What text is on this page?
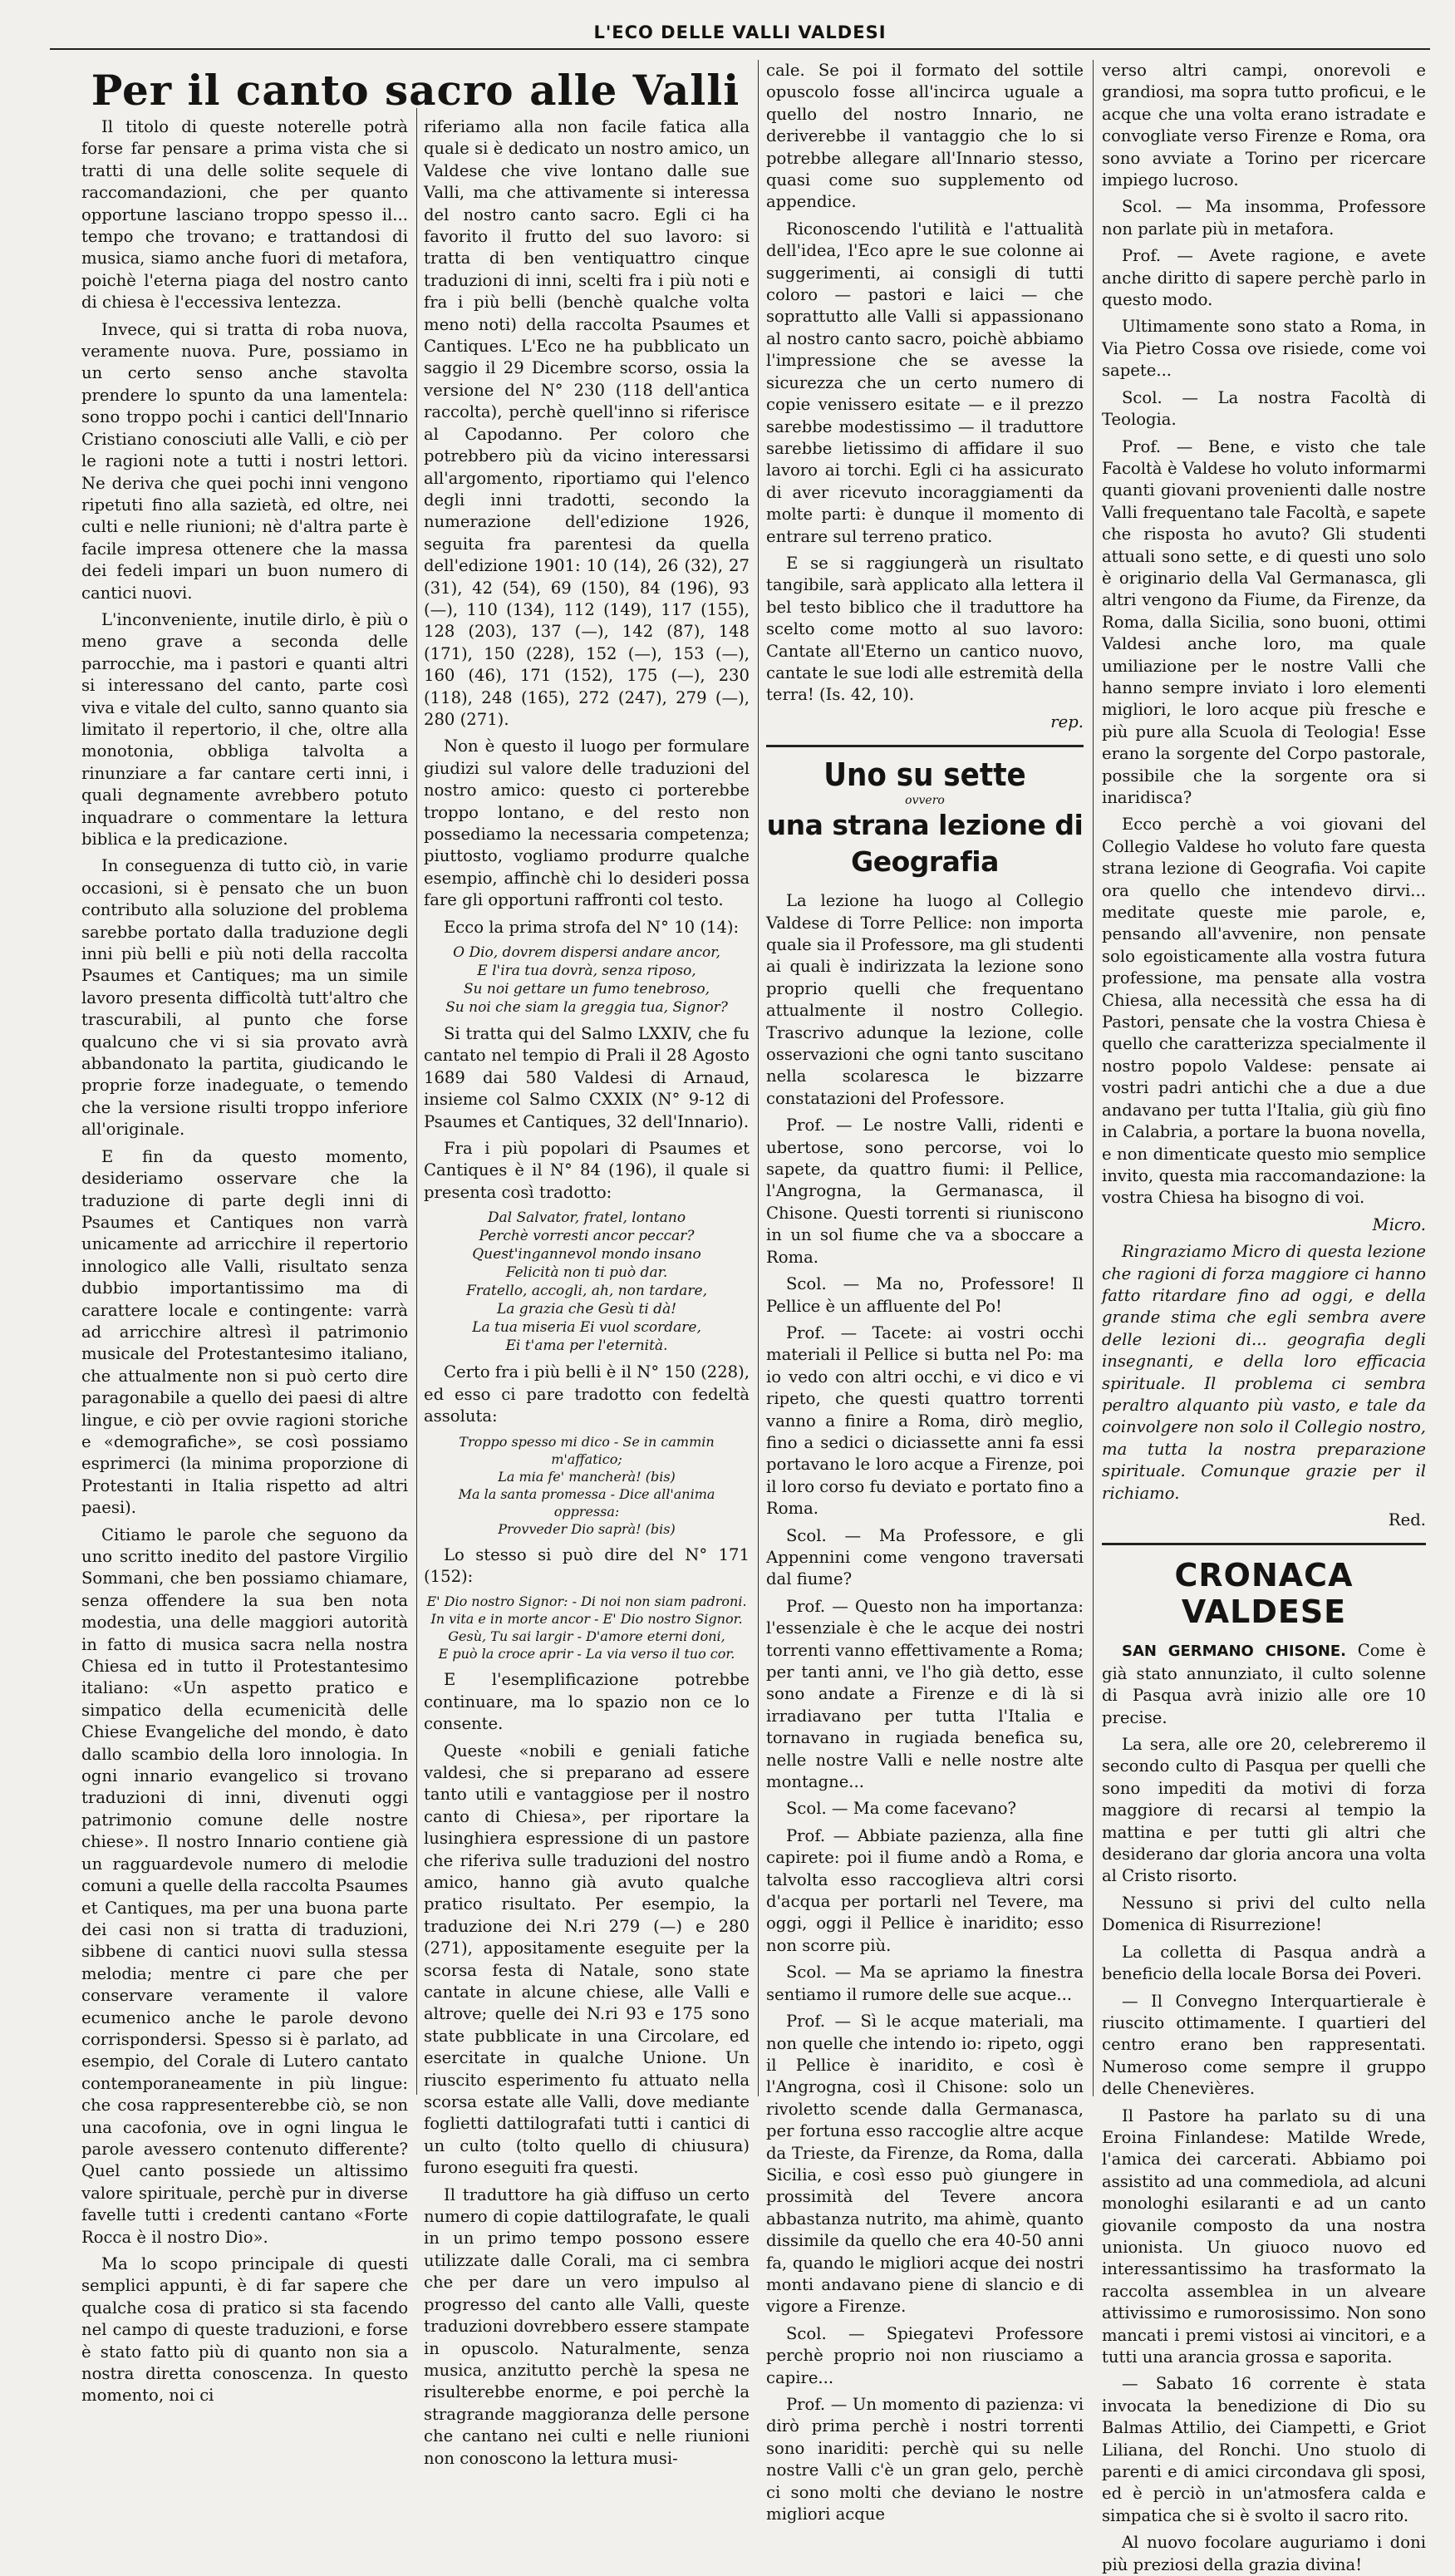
L'ECO DELLE VALLI VALDESI
Per il canto sacro alle Valli

Il titolo di queste noterelle potrà forse far pensare a prima vista che si tratti di una delle solite sequele di raccomandazioni, che per quanto opportune lasciano troppo spesso il... tempo che trovano; e trattandosi di musica, siamo anche fuori di metafora, poichè l'eterna piaga del nostro canto di chiesa è l'eccessiva lentezza.

Invece, qui si tratta di roba nuova, veramente nuova. Pure, possiamo in un certo senso anche stavolta prendere lo spunto da una lamentela: sono troppo pochi i cantici dell'Innario Cristiano conosciuti alle Valli, e ciò per le ragioni note a tutti i nostri lettori. Ne deriva che quei pochi inni vengono ripetuti fino alla sazietà, ed oltre, nei culti e nelle riunioni; nè d'altra parte è facile impresa ottenere che la massa dei fedeli impari un buon numero di cantici nuovi.

L'inconveniente, inutile dirlo, è più o meno grave a seconda delle parrocchie, ma i pastori e quanti altri si interessano del canto, parte così viva e vitale del culto, sanno quanto sia limitato il repertorio, il che, oltre alla monotonia, obbliga talvolta a rinunziare a far cantare certi inni, i quali degnamente avrebbero potuto inquadrare o commentare la lettura biblica e la predicazione.

In conseguenza di tutto ciò, in varie occasioni, si è pensato che un buon contributo alla soluzione del problema sarebbe portato dalla traduzione degli inni più belli e più noti della raccolta Psaumes et Cantiques; ma un simile lavoro presenta difficoltà tutt'altro che trascurabili, al punto che forse qualcuno che vi si sia provato avrà abbandonato la partita, giudicando le proprie forze inadeguate, o temendo che la versione risulti troppo inferiore all'originale.

E fin da questo momento, desideriamo osservare che la traduzione di parte degli inni di Psaumes et Cantiques non varrà unicamente ad arricchire il repertorio innologico alle Valli, risultato senza dubbio importantissimo ma di carattere locale e contingente: varrà ad arricchire altresì il patrimonio musicale del Protestantesimo italiano, che attualmente non si può certo dire paragonabile a quello dei paesi di altre lingue, e ciò per ovvie ragioni storiche e «demografiche», se così possiamo esprimerci (la minima proporzione di Protestanti in Italia rispetto ad altri paesi).

Citiamo le parole che seguono da uno scritto inedito del pastore Virgilio Sommani, che ben possiamo chiamare, senza offendere la sua ben nota modestia, una delle maggiori autorità in fatto di musica sacra nella nostra Chiesa ed in tutto il Protestantesimo italiano: «Un aspetto pratico e simpatico della ecumenicità delle Chiese Evangeliche del mondo, è dato dallo scambio della loro innologia. In ogni innario evangelico si trovano traduzioni di inni, divenuti oggi patrimonio comune delle nostre chiese». Il nostro Innario contiene già un ragguardevole numero di melodie comuni a quelle della raccolta Psaumes et Cantiques, ma per una buona parte dei casi non si tratta di traduzioni, sibbene di cantici nuovi sulla stessa melodia; mentre ci pare che per conservare veramente il valore ecumenico anche le parole devono corrispondersi. Spesso si è parlato, ad esempio, del Corale di Lutero cantato contemporaneamente in più lingue: che cosa rappresenterebbe ciò, se non una cacofonia, ove in ogni lingua le parole avessero contenuto differente? Quel canto possiede un altissimo valore spirituale, perchè pur in diverse favelle tutti i credenti cantano «Forte Rocca è il nostro Dio».

Ma lo scopo principale di questi semplici appunti, è di far sapere che qualche cosa di pratico si sta facendo nel campo di queste traduzioni, e forse è stato fatto più di quanto non sia a nostra diretta conoscenza. In questo momento, noi ci

riferiamo alla non facile fatica alla quale si è dedicato un nostro amico, un Valdese che vive lontano dalle sue Valli, ma che attivamente si interessa del nostro canto sacro. Egli ci ha favorito il frutto del suo lavoro: si tratta di ben ventiquattro cinque traduzioni di inni, scelti fra i più noti e fra i più belli (benchè qualche volta meno noti) della raccolta Psaumes et Cantiques. L'Eco ne ha pubblicato un saggio il 29 Dicembre scorso, ossia la versione del N° 230 (118 dell'antica raccolta), perchè quell'inno si riferisce al Capodanno. Per coloro che potrebbero più da vicino interessarsi all'argomento, riportiamo qui l'elenco degli inni tradotti, secondo la numerazione dell'edizione 1926, seguita fra parentesi da quella dell'edizione 1901: 10 (14), 26 (32), 27 (31), 42 (54), 69 (150), 84 (196), 93 (—), 110 (134), 112 (149), 117 (155), 128 (203), 137 (—), 142 (87), 148 (171), 150 (228), 152 (—), 153 (—), 160 (46), 171 (152), 175 (—), 230 (118), 248 (165), 272 (247), 279 (—), 280 (271).

Non è questo il luogo per formulare giudizi sul valore delle traduzioni del nostro amico: questo ci porterebbe troppo lontano, e del resto non possediamo la necessaria competenza; piuttosto, vogliamo produrre qualche esempio, affinchè chi lo desideri possa fare gli opportuni raffronti col testo.

Ecco la prima strofa del N° 10 (14):

O Dio, dovrem dispersi andare ancor,
E l'ira tua dovrà, senza riposo,
Su noi gettare un fumo tenebroso,
Su noi che siam la greggia tua, Signor?

Si tratta qui del Salmo LXXIV, che fu cantato nel tempio di Prali il 28 Agosto 1689 dai 580 Valdesi di Arnaud, insieme col Salmo CXXIX (N° 9-12 di Psaumes et Cantiques, 32 dell'Innario).

Fra i più popolari di Psaumes et Cantiques è il N° 84 (196), il quale si presenta così tradotto:

Dal Salvator, fratel, lontano
Perchè vorresti ancor peccar?
Quest'ingannevol mondo insano
Felicità non ti può dar.
Fratello, accogli, ah, non tardare,
La grazia che Gesù ti dà!
La tua miseria Ei vuol scordare,
Ei t'ama per l'eternità.

Certo fra i più belli è il N° 150 (228), ed esso ci pare tradotto con fedeltà assoluta:

Troppo spesso mi dico - Se in cammin m'affatico;
La mia fe' mancherà! (bis)
Ma la santa promessa - Dice all'anima oppressa:
Provveder Dio saprà! (bis)

Lo stesso si può dire del N° 171 (152):

E' Dio nostro Signor: - Di noi non siam padroni.
In vita e in morte ancor - E' Dio nostro Signor.
Gesù, Tu sai largir - D'amore eterni doni,
E può la croce aprir - La via verso il tuo cor.

E l'esemplificazione potrebbe continuare, ma lo spazio non ce lo consente.

Queste «nobili e geniali fatiche valdesi, che si preparano ad essere tanto utili e vantaggiose per il nostro canto di Chiesa», per riportare la lusinghiera espressione di un pastore che riferiva sulle traduzioni del nostro amico, hanno già avuto qualche pratico risultato. Per esempio, la traduzione dei N.ri 279 (—) e 280 (271), appositamente eseguite per la scorsa festa di Natale, sono state cantate in alcune chiese, alle Valli e altrove; quelle dei N.ri 93 e 175 sono state pubblicate in una Circolare, ed esercitate in qualche Unione. Un riuscito esperimento fu attuato nella scorsa estate alle Valli, dove mediante foglietti dattilografati tutti i cantici di un culto (tolto quello di chiusura) furono eseguiti fra questi.

Il traduttore ha già diffuso un certo numero di copie dattilografate, le quali in un primo tempo possono essere utilizzate dalle Corali, ma ci sembra che per dare un vero impulso al progresso del canto alle Valli, queste traduzioni dovrebbero essere stampate in opuscolo. Naturalmente, senza musica, anzitutto perchè la spesa ne risulterebbe enorme, e poi perchè la stragrande maggioranza delle persone che cantano nei culti e nelle riunioni non conoscono la lettura musi-

cale. Se poi il formato del sottile opuscolo fosse all'incirca uguale a quello del nostro Innario, ne deriverebbe il vantaggio che lo si potrebbe allegare all'Innario stesso, quasi come suo supplemento od appendice.

Riconoscendo l'utilità e l'attualità dell'idea, l'Eco apre le sue colonne ai suggerimenti, ai consigli di tutti coloro — pastori e laici — che soprattutto alle Valli si appassionano al nostro canto sacro, poichè abbiamo l'impressione che se avesse la sicurezza che un certo numero di copie venissero esitate — e il prezzo sarebbe modestissimo — il traduttore sarebbe lietissimo di affidare il suo lavoro ai torchi. Egli ci ha assicurato di aver ricevuto incoraggiamenti da molte parti: è dunque il momento di entrare sul terreno pratico.

E se si raggiungerà un risultato tangibile, sarà applicato alla lettera il bel testo biblico che il traduttore ha scelto come motto al suo lavoro: Cantate all'Eterno un cantico nuovo, cantate le sue lodi alle estremità della terra! (Is. 42, 10).

rep.

Uno su sette
ovvero
una strana lezione di Geografia

La lezione ha luogo al Collegio Valdese di Torre Pellice: non importa quale sia il Professore, ma gli studenti ai quali è indirizzata la lezione sono proprio quelli che frequentano attualmente il nostro Collegio. Trascrivo adunque la lezione, colle osservazioni che ogni tanto suscitano nella scolaresca le bizzarre constatazioni del Professore.

Prof. — Le nostre Valli, ridenti e ubertose, sono percorse, voi lo sapete, da quattro fiumi: il Pellice, l'Angrogna, la Germanasca, il Chisone. Questi torrenti si riuniscono in un sol fiume che va a sboccare a Roma.

Scol. — Ma no, Professore! Il Pellice è un affluente del Po!

Prof. — Tacete: ai vostri occhi materiali il Pellice si butta nel Po: ma io vedo con altri occhi, e vi dico e vi ripeto, che questi quattro torrenti vanno a finire a Roma, dirò meglio, fino a sedici o diciassette anni fa essi portavano le loro acque a Firenze, poi il loro corso fu deviato e portato fino a Roma.

Scol. — Ma Professore, e gli Appennini come vengono traversati dal fiume?

Prof. — Questo non ha importanza: l'essenziale è che le acque dei nostri torrenti vanno effettivamente a Roma; per tanti anni, ve l'ho già detto, esse sono andate a Firenze e di là si irradiavano per tutta l'Italia e tornavano in rugiada benefica su, nelle nostre Valli e nelle nostre alte montagne...

Scol. — Ma come facevano?

Prof. — Abbiate pazienza, alla fine capirete: poi il fiume andò a Roma, e talvolta esso raccoglieva altri corsi d'acqua per portarli nel Tevere, ma oggi, oggi il Pellice è inaridito; esso non scorre più.

Scol. — Ma se apriamo la finestra sentiamo il rumore delle sue acque...

Prof. — Sì le acque materiali, ma non quelle che intendo io: ripeto, oggi il Pellice è inaridito, e così è l'Angrogna, così il Chisone: solo un rivoletto scende dalla Germanasca, per fortuna esso raccoglie altre acque da Trieste, da Firenze, da Roma, dalla Sicilia, e così esso può giungere in prossimità del Tevere ancora abbastanza nutrito, ma ahimè, quanto dissimile da quello che era 40-50 anni fa, quando le migliori acque dei nostri monti andavano piene di slancio e di vigore a Firenze.

Scol. — Spiegatevi Professore perchè proprio noi non riusciamo a capire...

Prof. — Un momento di pazienza: vi dirò prima perchè i nostri torrenti sono inariditi: perchè qui su nelle nostre Valli c'è un gran gelo, perchè ci sono molti che deviano le nostre migliori acque

verso altri campi, onorevoli e grandiosi, ma sopra tutto proficui, e le acque che una volta erano istradate e convogliate verso Firenze e Roma, ora sono avviate a Torino per ricercare impiego lucroso.

Scol. — Ma insomma, Professore non parlate più in metafora.

Prof. — Avete ragione, e avete anche diritto di sapere perchè parlo in questo modo.

Ultimamente sono stato a Roma, in Via Pietro Cossa ove risiede, come voi sapete...

Scol. — La nostra Facoltà di Teologia.

Prof. — Bene, e visto che tale Facoltà è Valdese ho voluto informarmi quanti giovani provenienti dalle nostre Valli frequentano tale Facoltà, e sapete che risposta ho avuto? Gli studenti attuali sono sette, e di questi uno solo è originario della Val Germanasca, gli altri vengono da Fiume, da Firenze, da Roma, dalla Sicilia, sono buoni, ottimi Valdesi anche loro, ma quale umiliazione per le nostre Valli che hanno sempre inviato i loro elementi migliori, le loro acque più fresche e più pure alla Scuola di Teologia! Esse erano la sorgente del Corpo pastorale, possibile che la sorgente ora si inaridisca?

Ecco perchè a voi giovani del Collegio Valdese ho voluto fare questa strana lezione di Geografia. Voi capite ora quello che intendevo dirvi... meditate queste mie parole, e, pensando all'avvenire, non pensate solo egoisticamente alla vostra futura professione, ma pensate alla vostra Chiesa, alla necessità che essa ha di Pastori, pensate che la vostra Chiesa è quello che caratterizza specialmente il nostro popolo Valdese: pensate ai vostri padri antichi che a due a due andavano per tutta l'Italia, giù giù fino in Calabria, a portare la buona novella, e non dimenticate questo mio semplice invito, questa mia raccomandazione: la vostra Chiesa ha bisogno di voi.

Micro.

Ringraziamo Micro di questa lezione che ragioni di forza maggiore ci hanno fatto ritardare fino ad oggi, e della grande stima che egli sembra avere delle lezioni di... geografia degli insegnanti, e della loro efficacia spirituale. Il problema ci sembra peraltro alquanto più vasto, e tale da coinvolgere non solo il Collegio nostro, ma tutta la nostra preparazione spirituale. Comunque grazie per il richiamo.

Red.

CRONACA VALDESE

SAN GERMANO CHISONE. Come è già stato annunziato, il culto solenne di Pasqua avrà inizio alle ore 10 precise.

La sera, alle ore 20, celebreremo il secondo culto di Pasqua per quelli che sono impediti da motivi di forza maggiore di recarsi al tempio la mattina e per tutti gli altri che desiderano dar gloria ancora una volta al Cristo risorto.

Nessuno si privi del culto nella Domenica di Risurrezione!

La colletta di Pasqua andrà a beneficio della locale Borsa dei Poveri.

— Il Convegno Interquartierale è riuscito ottimamente. I quartieri del centro erano ben rappresentati. Numeroso come sempre il gruppo delle Chenevières.

Il Pastore ha parlato su di una Eroina Finlandese: Matilde Wrede, l'amica dei carcerati. Abbiamo poi assistito ad una commediola, ad alcuni monologhi esilaranti e ad un canto giovanile composto da una nostra unionista. Un giuoco nuovo ed interessantissimo ha trasformato la raccolta assemblea in un alveare attivissimo e rumorosissimo. Non sono mancati i premi vistosi ai vincitori, e a tutti una arancia grossa e saporita.

— Sabato 16 corrente è stata invocata la benedizione di Dio su Balmas Attilio, dei Ciampetti, e Griot Liliana, del Ronchi. Uno stuolo di parenti e di amici circondava gli sposi, ed è perciò in un'atmosfera calda e simpatica che si è svolto il sacro rito.

Al nuovo focolare auguriamo i doni più preziosi della grazia divina!
